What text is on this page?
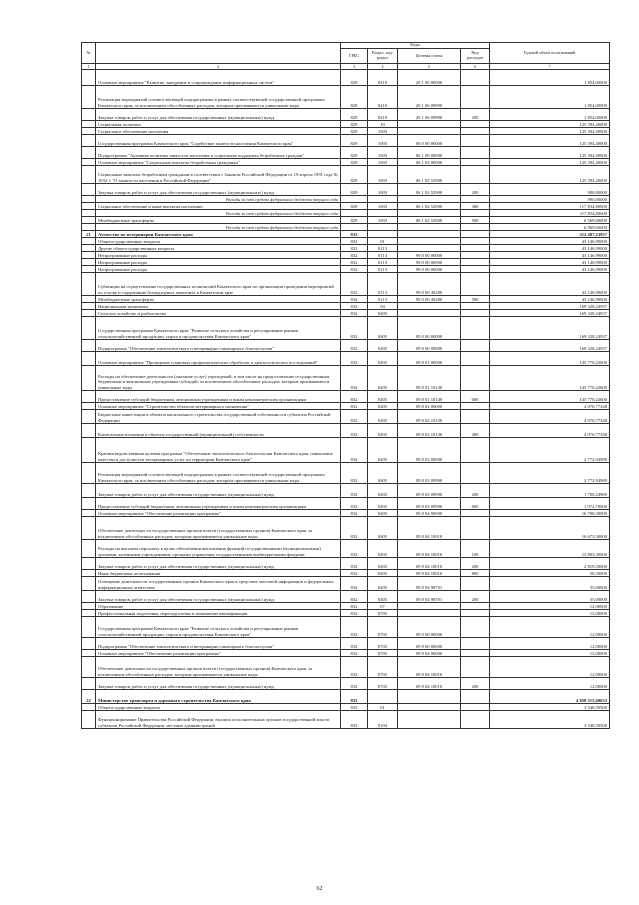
№		Коды				Годовой объем ассигнований
		ГРБС	Раздел, под-раздел	Целевая статья	Вид расходов	
1	2	3	4	5	6	7
	Основное мероприятие "Развитие, внедрение и сопровождение информационных систем"	829	0410	20 1 06 00000		1 854,00000
	Реализация мероприятий соответствующей подпрограммы в рамках соответствующей государственной программы Камчатского края, за исключением обособленных расходов, которым присваиваются уникальные коды	829	0410	20 1 06 09990		1 854,00000
	Закупка товаров, работ и услуг для обеспечения государственных (муниципальных) нужд	829	0410	20 1 06 09990	200	1 854,00000
	Социальная политика	829	10			125 394,40000
	Социальное обеспечение населения	829	1003			125 394,40000
	Государственная программа Камчатского края "Содействие занятости населения Камчатского края"	829	1003	06 0 00 00000		125 394,40000
	Подпрограмма "Активная политика занятости населения и социальная поддержка безработных граждан"	829	1003	06 1 00 00000		125 394,40000
	Основное мероприятие "Социальные выплаты безработным гражданам"	829	1003	06 1 02 00000		125 394,40000
	Социальные выплаты безработным гражданам в соответствии с Законом Российской Федерации от 19 апреля 1991 года № 1032-1 "О занятости населения в Российской Федерации"	829	1003	06 1 02 52900		125 394,40000
	Закупка товаров, работ и услуг для обеспечения государственных (муниципальных) нужд	829	1003	06 1 02 52900	200	990,00000
	Расходы за счет средств федерального бюджета текущего года					990,00000
	Социальное обеспечение и иные выплаты населению	829	1003	06 1 02 52900	300	117 834,80000
	Расходы за счет средств федерального бюджета текущего года					117 834,80000
	Межбюджетные трансферты	829	1003	06 1 02 52900	500	6 569,60000
	Расходы за счет средств федерального бюджета текущего года					6 569,60000
21	Агентство по ветеринарии Камчатского края	832				212 487,23937
	Общегосударственные вопросы	832	01			43 146,99000
	Другие общегосударственные вопросы	832	0113			43 146,99000
	Непрограммные расходы	832	0113	99 0 00 00000		43 146,99000
	Непрограммные расходы	832	0113	99 0 00 00000		43 146,99000
	Непрограммные расходы	832	0113	99 0 00 00000		43 146,99000
	Субвенции на осуществление государственных полномочий Камчатского края по организации проведения мероприятий по отлову и содержанию безнадзорных животных в Камчатском крае	832	0113	99 0 00 40280		43 146,99000
	Межбюджетные трансферты	832	0113	99 0 00 40280	500	43 146,99000
	Национальная экономика	832	04			169 328,24937
	Сельское хозяйство и рыболовство	832	0405			169 328,24937
	Государственная программа Камчатского края "Развитие сельского хозяйства и регулирование рынков сельскохозяйственной продукции, сырья и продовольствия Камчатского края"	832	0405	09 0 00 00000		169 328,24937
	Подпрограмма "Обеспечение эпизоотического и ветеринарно-санитарного благополучия"	832	0405	09 8 00 00000		169 328,24937
	Основное мероприятие "Проведение плановых профилактических обработок и диагностических исследований"	832	0405	09 8 01 00000		145 770,22600
	Расходы на обеспечение деятельности (оказание услуг) учреждений, в том числе на предоставление государственным бюджетным и автономным учреждениям субсидий, за исключением обособленных расходов, которым присваиваются уникальные коды	832	0405	09 8 01 10140		145 770,22600
	Предоставление субсидий бюджетным, автономным учреждениям и иным некоммерческим организациям	832	0405	09 8 01 10140	600	145 770,22600
	Основное мероприятие "Строительство объектов ветеринарного назначения"	832	0405	09 8 02 00000		4 076,77348
	Бюджетные инвестиции в объекты капитального строительства государственной собственности субъектов Российской Федерации	832	0405	09 8 02 10130		4 076,77348
	Капитальные вложения в объекты государственной (муниципальной) собственности	832	0405	09 8 02 10130	400	4 076,77348
	Краевая ведомственная целевая программа "Обеспечение эпизоотического благополучия Камчатского края, повышение качества и доступности ветеринарных услуг на территории Камчатского края"	832	0405	09 8 03 00000		2 772,94989
	Реализация мероприятий соответствующей подпрограммы в рамках соответствующей государственной программы Камчатского края, за исключением обособленных расходов, которым присваиваются уникальные коды	832	0405	09 8 03 09990		2 772,94989
	Закупка товаров, работ и услуг для обеспечения государственных (муниципальных) нужд	832	0405	09 8 03 09990	200	1 700,24989
	Предоставление субсидий бюджетным, автономным учреждениям и иным некоммерческим организациям	832	0405	09 8 03 09990	600	1 072,70000
	Основное мероприятие "Обеспечение реализации программы"	832	0405	09 8 04 00000		16 708,30000
	Обеспечение деятельности государственных органов власти (государственных органов) Камчатского края, за исключением обособленных расходов, которым присваиваются уникальные коды	832	0405	09 8 04 10010		16 673,30000
	Расходы на выплаты персоналу в целях обеспечения выполнения функций государственными (муниципальными) органами, казенными учреждениями, органами управления государственными внебюджетными фондами	832	0405	09 8 04 10010	100	13 803,30000
	Закупка товаров, работ и услуг для обеспечения государственных (муниципальных) нужд	832	0405	09 8 04 10010	200	2 819,50000
	Иные бюджетные ассигнования	832	0405	09 8 04 10010	800	50,50000
	Освещение деятельности государственных органов Камчатского края в средствах массовой информации и федеральных информационных агентствах	832	0405	09 8 04 98701		35,00000
	Закупка товаров, работ и услуг для обеспечения государственных (муниципальных) нужд	832	0405	09 8 04 98701	200	35,00000
	Образование	832	07			12,00000
	Профессиональная подготовка, переподготовка и повышение квалификации	832	0705			12,00000
	Государственная программа Камчатского края "Развитие сельского хозяйства и регулирование рынков сельскохозяйственной продукции, сырья и продовольствия Камчатского края"	832	0705	09 0 00 00000		12,00000
	Подпрограмма "Обеспечение эпизоотического и ветеринарно-санитарного благополучия"	832	0705	09 8 00 00000		12,00000
	Основное мероприятие "Обеспечение реализации программы"	832	0705	09 8 04 00000		12,00000
	Обеспечение деятельности государственных органов власти (государственных органов) Камчатского края, за исключением обособленных расходов, которым присваиваются уникальные коды	832	0705	09 8 04 10010		12,00000
	Закупка товаров, работ и услуг для обеспечения государственных (муниципальных) нужд	832	0705	09 8 04 10010	200	12,00000
22	Министерство транспорта и дорожного строительства Камчатского края	833				4 858 515,60633
	Общегосударственные вопросы	833	01			3 548,50500
	Функционирование Правительства Российской Федерации, высших исполнительных органов государственной власти субъектов Российской Федерации, местных администраций	833	0104			3 548,50500
62
